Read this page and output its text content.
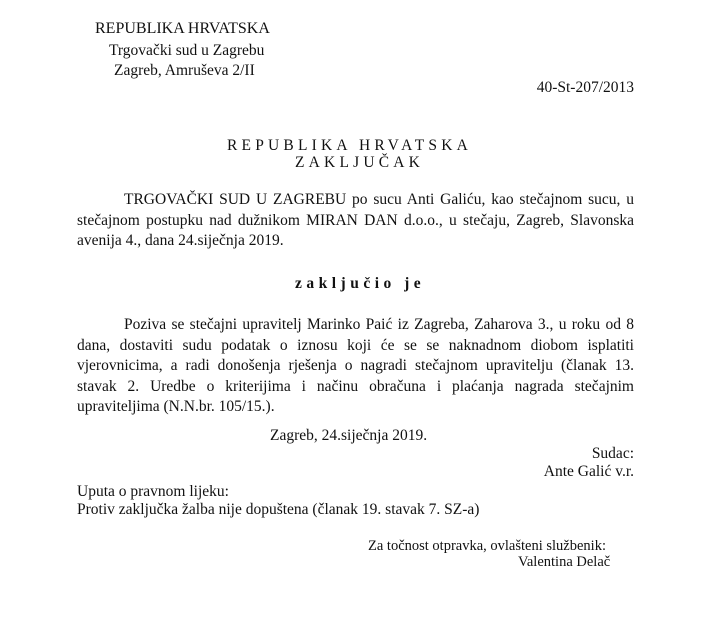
REPUBLIKA HRVATSKA
Trgovački sud u Zagrebu
Zagreb, Amruševa 2/II
40-St-207/2013
REPUBLIKA HRVATSKA
ZAKLJUČAK
TRGOVAČKI SUD U ZAGREBU po sucu Anti Galiću, kao stečajnom sucu, u stečajnom postupku nad dužnikom MIRAN DAN d.o.o., u stečaju, Zagreb, Slavonska avenija 4., dana 24.siječnja 2019.
zaključio je
Poziva se stečajni upravitelj Marinko Paić iz Zagreba, Zaharova 3., u roku od 8 dana, dostaviti sudu podatak o iznosu koji će se se naknadnom diobom isplatiti vjerovnicima, a radi donošenja rješenja o nagradi stečajnom upravitelju (članak 13. stavak 2. Uredbe o kriterijima i načinu obračuna i plaćanja nagrada stečajnim upraviteljima (N.N.br. 105/15.).
Zagreb, 24.siječnja 2019.
Sudac:
Ante Galić v.r.
Uputa o pravnom lijeku:
Protiv zaključka žalba nije dopuštena (članak 19. stavak 7. SZ-a)
Za točnost otpravka, ovlašteni službenik:
Valentina Delač
